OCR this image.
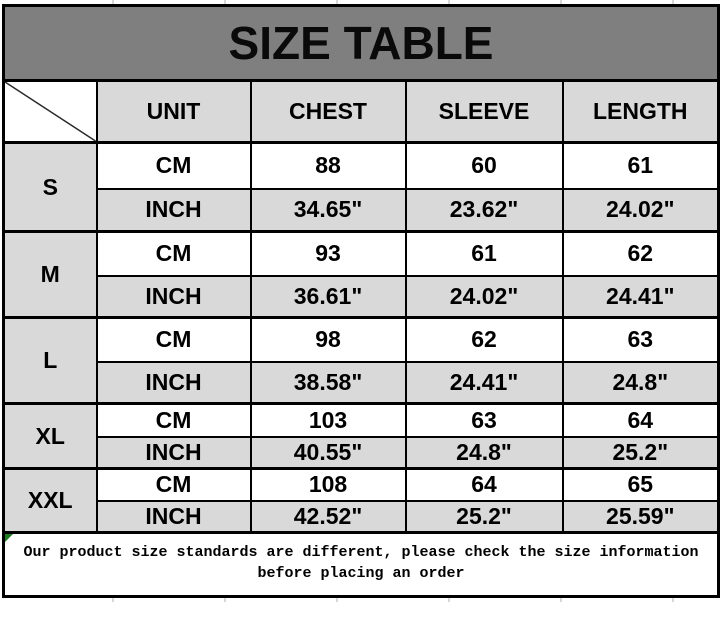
SIZE TABLE				

	UNIT	CHEST	SLEEVE	LENGTH
S	CM	88	60	61
	INCH	34.65"	23.62"	24.02"
M	CM	93	61	62
	INCH	36.61"	24.02"	24.41"
L	CM	98	62	63
	INCH	38.58"	24.41"	24.8"
XL	CM	103	63	64
	INCH	40.55"	24.8"	25.2"
XXL	CM	108	64	65
	INCH	42.52"	25.2"	25.59"

Our product size standards are different, please check the size information
before placing an order				
